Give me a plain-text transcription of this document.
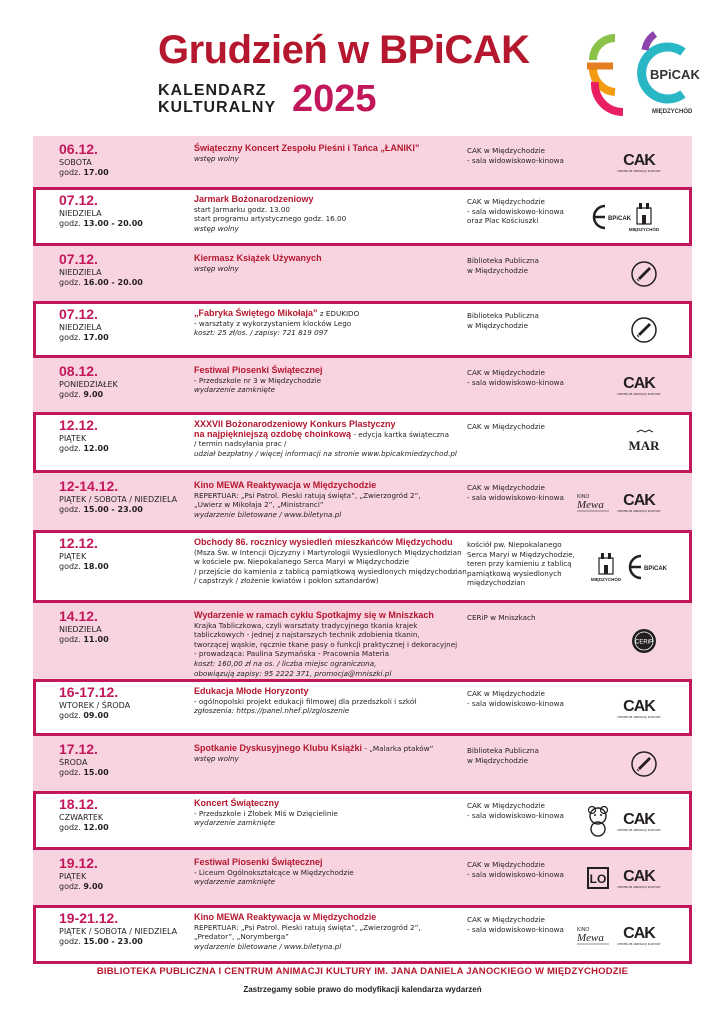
Grudzień w BPiCAK
KALENDARZ
KULTURALNY 2025
BPiCAK
MIĘDZYCHÓD
06.12.
SOBOTA
godz. 17.00
Świąteczny Koncert Zespołu Pieśni i Tańca „ŁANIKI”
wstęp wolny
CAK w Międzychodzie
- sala widowiskowo-kinowa	CAK
CENTRUM ANIMACJI KULTURY
07.12.
NIEDZIELA
godz. 13.00 - 20.00
Jarmark Bożonarodzeniowy
start Jarmarku godz. 13.00
start programu artystycznego godz. 16.00
wstęp wolny
CAK w Międzychodzie
- sala widowiskowo-kinowa
oraz Plac Kościuszki
MIĘDZYCHÓD
BPiCAK
07.12.
NIEDZIELA
godz. 16.00 - 20.00
Kiermasz Książek Używanych
wstęp wolny
Biblioteka Publiczna
w Międzychodzie
07.12.
NIEDZIELA
godz. 17.00
„Fabryka Świętego Mikołaja” z EDUKIDO
- warsztaty z wykorzystaniem klocków Lego
koszt: 25 zł/os. / zapisy: 721 819 097
Biblioteka Publiczna
w Międzychodzie
08.12.
PONIEDZIAŁEK
godz. 9.00
Festiwal Piosenki Świątecznej
- Przedszkole nr 3 w Międzychodzie
wydarzenie zamknięte
CAK w Międzychodzie
- sala widowiskowo-kinowa	CAK
CENTRUM ANIMACJI KULTURY
12.12.
PIĄTEK
godz. 12.00
XXXVII Bożonarodzeniowy Konkurs Plastyczny
na najpiękniejszą ozdobę choinkową - edycja kartka świąteczna
/ termin nadsyłania prac /
udział bezpłatny / więcej informacji na stronie www.bpicakmiedzychod.pl
CAK w Międzychodzie
MAR
12-14.12.
PIĄTEK / SOBOTA / NIEDZIELA
godz. 15.00 - 23.00
Kino MEWA Reaktywacja w Międzychodzie
REPERTUAR: „Psi Patrol. Pieski ratują święta”, „Zwierzogród 2”,
„Uwierz w Mikołaja 2”, „Ministranci”
wydarzenie biletowane / www.biletyna.pl
CAK w Międzychodzie
- sala widowiskowo-kinowa	CAK
CENTRUM ANIMACJI KULTURY
KINO
Mewa
12.12.
PIĄTEK
godz. 18.00
Obchody 86. rocznicy wysiedleń mieszkańców Międzychodu
(Msza Św. w Intencji Ojczyzny i Martyrologii Wysiedlonych Międzychodzian
w kościele pw. Niepokalanego Serca Maryi w Międzychodzie
/ przejście do kamienia z tablicą pamiątkową wysiedlonych międzychodzian
/ capstrzyk / złożenie kwiatów i pokłon sztandarów)
kościół pw. Niepokalanego
Serca Maryi w Międzychodzie,
teren przy kamieniu z tablicą
pamiątkową wysiedlonych
międzychodzian
BPiCAK
MIĘDZYCHÓD
14.12.
NIEDZIELA
godz. 11.00
Wydarzenie w ramach cyklu Spotkajmy się w Mniszkach
Krajka Tabliczkowa, czyli warsztaty tradycyjnego tkania krajek
tabliczkowych - jednej z najstarszych technik zdobienia tkanin,
tworzącej wąskie, ręcznie tkane pasy o funkcji praktycznej i dekoracyjnej
- prowadząca: Paulina Szymańska - Pracownia Materia
koszt: 160,00 zł na os. / liczba miejsc ograniczona,
obowiązują zapisy: 95 2222 371, promocja@mniszki.pl
CERiP w Mniszkach
CERiP
16-17.12.
WTOREK / ŚRODA
godz. 09.00
Edukacja Młode Horyzonty
- ogólnopolski projekt edukacji filmowej dla przedszkoli i szkół
zgłoszenia: https://panel.nhef.pl/zgloszenie
CAK w Międzychodzie
- sala widowiskowo-kinowa	CAK
CENTRUM ANIMACJI KULTURY
17.12.
ŚRODA
godz. 15.00
Spotkanie Dyskusyjnego Klubu Książki - „Malarka ptaków”
wstęp wolny
Biblioteka Publiczna
w Międzychodzie
18.12.
CZWARTEK
godz. 12.00
Koncert Świąteczny
- Przedszkole i Żłobek Miś w Dzięcielinie
wydarzenie zamknięte
CAK w Międzychodzie
- sala widowiskowo-kinowa	CAK
CENTRUM ANIMACJI KULTURY
19.12.
PIĄTEK
godz. 9.00
Festiwal Piosenki Świątecznej
- Liceum Ogólnokształcące w Międzychodzie
wydarzenie zamknięte
CAK w Międzychodzie
- sala widowiskowo-kinowa	CAK
CENTRUM ANIMACJI KULTURY
LO
19-21.12.
PIĄTEK / SOBOTA / NIEDZIELA
godz. 15.00 - 23.00
Kino MEWA Reaktywacja w Międzychodzie
REPERTUAR: „Psi Patrol. Pieski ratują święta”, „Zwierzogród 2”,
„Predator”, „Norymberga”
wydarzenie biletowane / www.biletyna.pl
CAK w Międzychodzie
- sala widowiskowo-kinowa	CAK
CENTRUM ANIMACJI KULTURY
KINO
Mewa
BIBLIOTEKA PUBLICZNA I CENTRUM ANIMACJI KULTURY IM. JANA DANIELA JANOCKIEGO W MIĘDZYCHODZIE
Zastrzegamy sobie prawo do modyfikacji kalendarza wydarzeń
